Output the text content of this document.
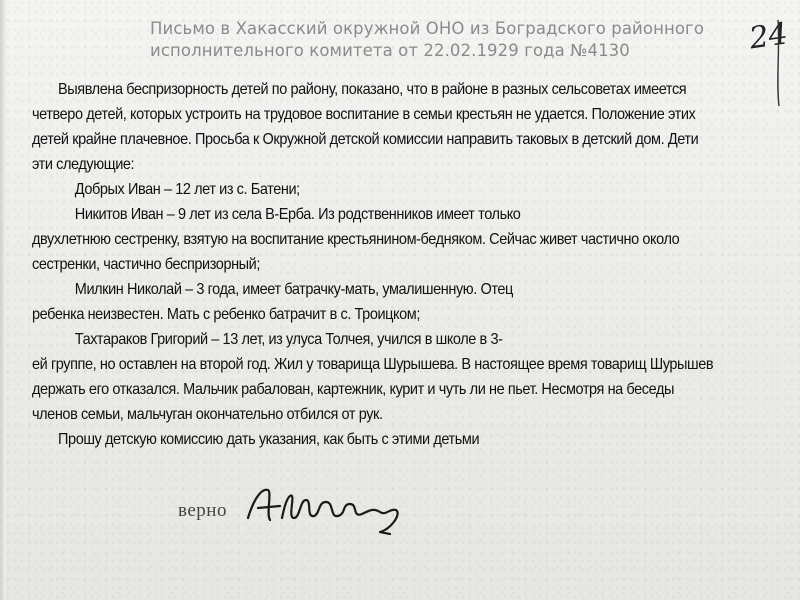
Письмо в Хакасский окружной ОНО из Боградского районного
исполнительного комитета от 22.02.1929 года №4130	24
Выявлена беспризорность детей по району, показано, что в районе в разных сельсоветах имеется
четверо детей, которых устроить на трудовое воспитание в семьи крестьян не удается. Положение этих
детей крайне плачевное. Просьба к Окружной детской комиссии направить таковых в детский дом. Дети
эти следующие:
Добрых Иван – 12 лет из с. Батени;
Никитов Иван – 9 лет из села В-Ерба. Из родственников имеет только
двухлетнюю сестренку, взятую на воспитание крестьянином-бедняком. Сейчас живет частично около
сестренки, частично беспризорный;
Милкин Николай – 3 года, имеет батрачку-мать, умалишенную. Отец
ребенка неизвестен. Мать с ребенко батрачит в с. Троицком;
Тахтараков Григорий – 13 лет, из улуса Толчея, учился в школе в 3-
ей группе, но оставлен на второй год. Жил у товарища Шурышева. В настоящее время товарищ Шурышев
держать его отказался. Мальчик рабалован, картежник, курит и чуть ли не пьет. Несмотря на беседы
членов семьи, мальчуган окончательно отбился от рук.
Прошу детскую комиссию дать указания, как быть с этими детьми
верно
